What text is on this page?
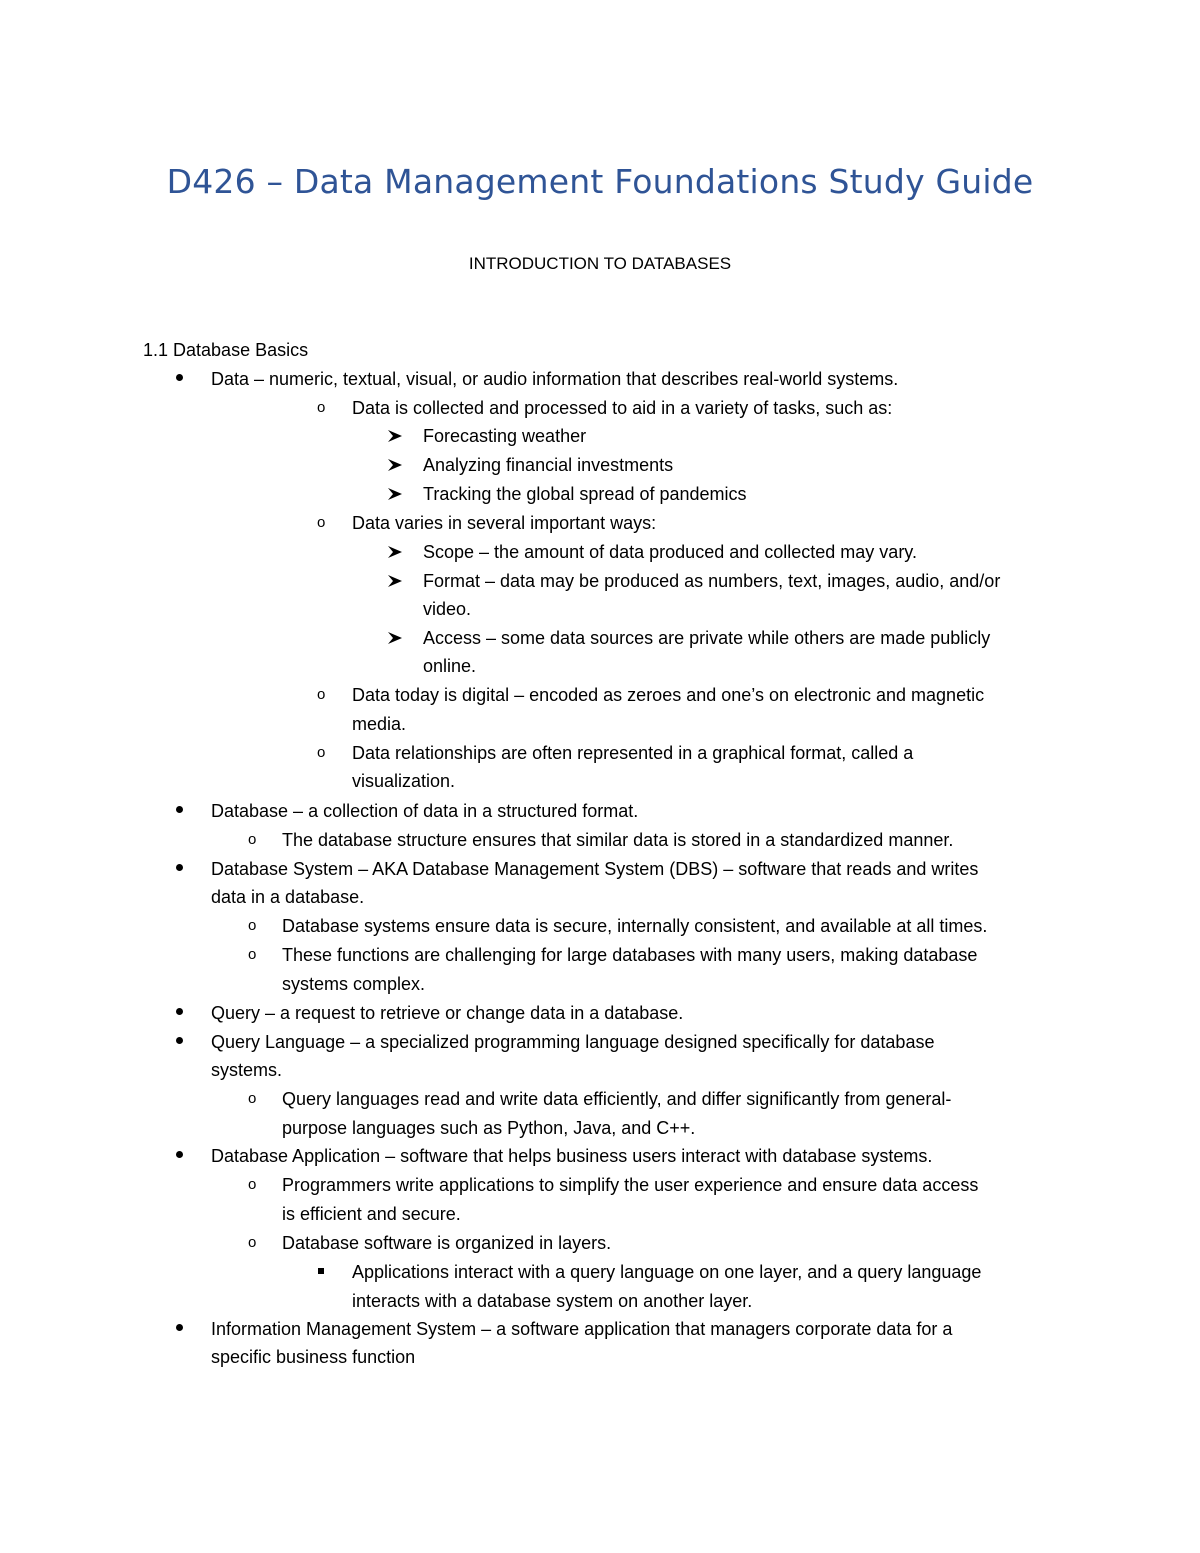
D426 – Data Management Foundations Study Guide
INTRODUCTION TO DATABASES
1.1 Database Basics
Data – numeric, textual, visual, or audio information that describes real-world systems.
o Data is collected and processed to aid in a variety of tasks, such as:
Forecasting weather
Analyzing financial investments
Tracking the global spread of pandemics
o Data varies in several important ways:
Scope – the amount of data produced and collected may vary.
Format – data may be produced as numbers, text, images, audio, and/or
video.
Access – some data sources are private while others are made publicly
online.
o Data today is digital – encoded as zeroes and one’s on electronic and magnetic
media.
o Data relationships are often represented in a graphical format, called a
visualization.
Database – a collection of data in a structured format.
o The database structure ensures that similar data is stored in a standardized manner.
Database System – AKA Database Management System (DBS) – software that reads and writes
data in a database.
o Database systems ensure data is secure, internally consistent, and available at all times.
o These functions are challenging for large databases with many users, making database
systems complex.
Query – a request to retrieve or change data in a database.
Query Language – a specialized programming language designed specifically for database
systems.
o Query languages read and write data efficiently, and differ significantly from general-
purpose languages such as Python, Java, and C++.
Database Application – software that helps business users interact with database systems.
o Programmers write applications to simplify the user experience and ensure data access
is efficient and secure.
o Database software is organized in layers.
Applications interact with a query language on one layer, and a query language
interacts with a database system on another layer.
Information Management System – a software application that managers corporate data for a
specific business function
